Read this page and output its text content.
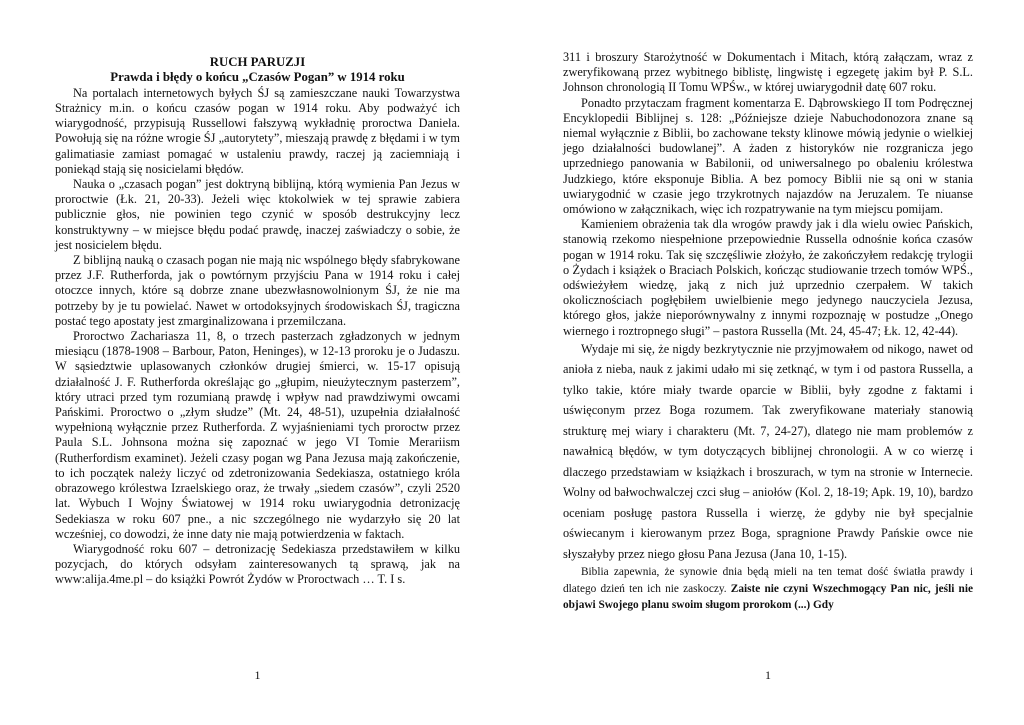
RUCH PARUZJI
Prawda i błędy o końcu „Czasów Pogan” w 1914 roku

Na portalach internetowych byłych ŚJ są zamieszczane nauki Towarzystwa Strażnicy m.in. o końcu czasów pogan w 1914 roku. Aby podważyć ich wiarygodność, przypisują Russellowi fałszywą wykładnię proroctwa Daniela. Powołują się na różne wrogie ŚJ „autorytety”, mieszają prawdę z błędami i w tym galimatiasie zamiast pomagać w ustaleniu prawdy, raczej ją zaciemniają i poniekąd stają się nosicielami błędów.

Nauka o „czasach pogan” jest doktryną biblijną, którą wymienia Pan Jezus w proroctwie (Łk. 21, 20-33). Jeżeli więc ktokolwiek w tej sprawie zabiera publicznie głos, nie powinien tego czynić w sposób destrukcyjny lecz konstruktywny – w miejsce błędu podać prawdę, inaczej zaświadczy o sobie, że jest nosicielem błędu.

Z biblijną nauką o czasach pogan nie mają nic wspólnego błędy sfabrykowane przez J.F. Rutherforda, jak o powtórnym przyjściu Pana w 1914 roku i całej otoczce innych, które są dobrze znane ubezwłasnowolnionym ŚJ, że nie ma potrzeby by je tu powielać. Nawet w ortodoksyjnych środowiskach ŚJ, tragiczna postać tego apostaty jest zmarginalizowana i przemilczana.

Proroctwo Zachariasza 11, 8, o trzech pasterzach zgładzonych w jednym miesiącu (1878-1908 – Barbour, Paton, Heninges), w 12-13 proroku je o Judaszu. W sąsiedztwie uplasowanych członków drugiej śmierci, w. 15-17 opisują działalność J. F. Rutherforda określając go „głupim, nieużytecznym pasterzem”, który utraci przed tym rozumianą prawdę i wpływ nad prawdziwymi owcami Pańskimi. Proroctwo o „złym słudze” (Mt. 24, 48-51), uzupełnia działalność wypełnioną wyłącznie przez Rutherforda. Z wyjaśnieniami tych proroctw przez Paula S.L. Johnsona można się zapoznać w jego VI Tomie Merariism (Rutherfordism examinet). Jeżeli czasy pogan wg Pana Jezusa mają zakończenie, to ich początek należy liczyć od zdetronizowania Sedekiasza, ostatniego króla obrazowego królestwa Izraelskiego oraz, że trwały „siedem czasów”, czyli 2520 lat. Wybuch I Wojny Światowej w 1914 roku uwiarygodnia detronizację Sedekiasza w roku 607 pne., a nic szczególnego nie wydarzyło się 20 lat wcześniej, co dowodzi, że inne daty nie mają potwierdzenia w faktach.

Wiarygodność roku 607 – detronizację Sedekiasza przedstawiłem w kilku pozycjach, do których odsyłam zainteresowanych tą sprawą, jak na www:alija.4me.pl – do książki Powrót Żydów w Proroctwach … T. I s.

1

311 i broszury Starożytność w Dokumentach i Mitach, którą załączam, wraz z zweryfikowaną przez wybitnego biblistę, lingwistę i egzegetę jakim był P. S.L. Johnson chronologią II Tomu WPŚw., w której uwiarygodnił datę 607 roku.

Ponadto przytaczam fragment komentarza E. Dąbrowskiego II tom Podręcznej Encyklopedii Biblijnej s. 128: „Późniejsze dzieje Nabuchodonozora znane są niemal wyłącznie z Biblii, bo zachowane teksty klinowe mówią jedynie o wielkiej jego działalności budowlanej”. A żaden z historyków nie rozgranicza jego uprzedniego panowania w Babilonii, od uniwersalnego po obaleniu królestwa Judzkiego, które eksponuje Biblia. A bez pomocy Biblii nie są oni w stania uwiarygodnić w czasie jego trzykrotnych najazdów na Jeruzalem. Te niuanse omówiono w załącznikach, więc ich rozpatrywanie na tym miejscu pomijam.

Kamieniem obrażenia tak dla wrogów prawdy jak i dla wielu owiec Pańskich, stanowią rzekomo niespełnione przepowiednie Russella odnośnie końca czasów pogan w 1914 roku. Tak się szczęśliwie złożyło, że zakończyłem redakcję trylogii o Żydach i książek o Braciach Polskich, kończąc studiowanie trzech tomów WPŚ., odświeżyłem wiedzę, jaką z nich już uprzednio czerpałem. W takich okolicznościach pogłębiłem uwielbienie mego jedynego nauczyciela Jezusa, którego głos, jakże nieporównywalny z innymi rozpoznaję w postudze „Onego wiernego i roztropnego sługi” – pastora Russella (Mt. 24, 45-47; Łk. 12, 42-44).

Wydaje mi się, że nigdy bezkrytycznie nie przyjmowałem od nikogo, nawet od anioła z nieba, nauk z jakimi udało mi się zetknąć, w tym i od pastora Russella, a tylko takie, które miały twarde oparcie w Biblii, były zgodne z faktami i uświęconym przez Boga rozumem. Tak zweryfikowane materiały stanowią strukturę mej wiary i charakteru (Mt. 7, 24-27), dlatego nie mam problemów z nawałnicą błędów, w tym dotyczących biblijnej chronologii. A w co wierzę i dlaczego przedstawiam w książkach i broszurach, w tym na stronie w Internecie. Wolny od bałwochwalczej czci sług – aniołów (Kol. 2, 18-19; Apk. 19, 10), bardzo oceniam posługę pastora Russella i wierzę, że gdyby nie był specjalnie oświecanym i kierowanym przez Boga, spragnione Prawdy Pańskie owce nie słyszałyby przez niego głosu Pana Jezusa (Jana 10, 1-15).

Biblia zapewnia, że synowie dnia będą mieli na ten temat dość światła prawdy i dlatego dzień ten ich nie zaskoczy. Zaiste nie czyni Wszechmogący Pan nic, jeśli nie objawi Swojego planu swoim sługom prorokom (...) Gdy

1
